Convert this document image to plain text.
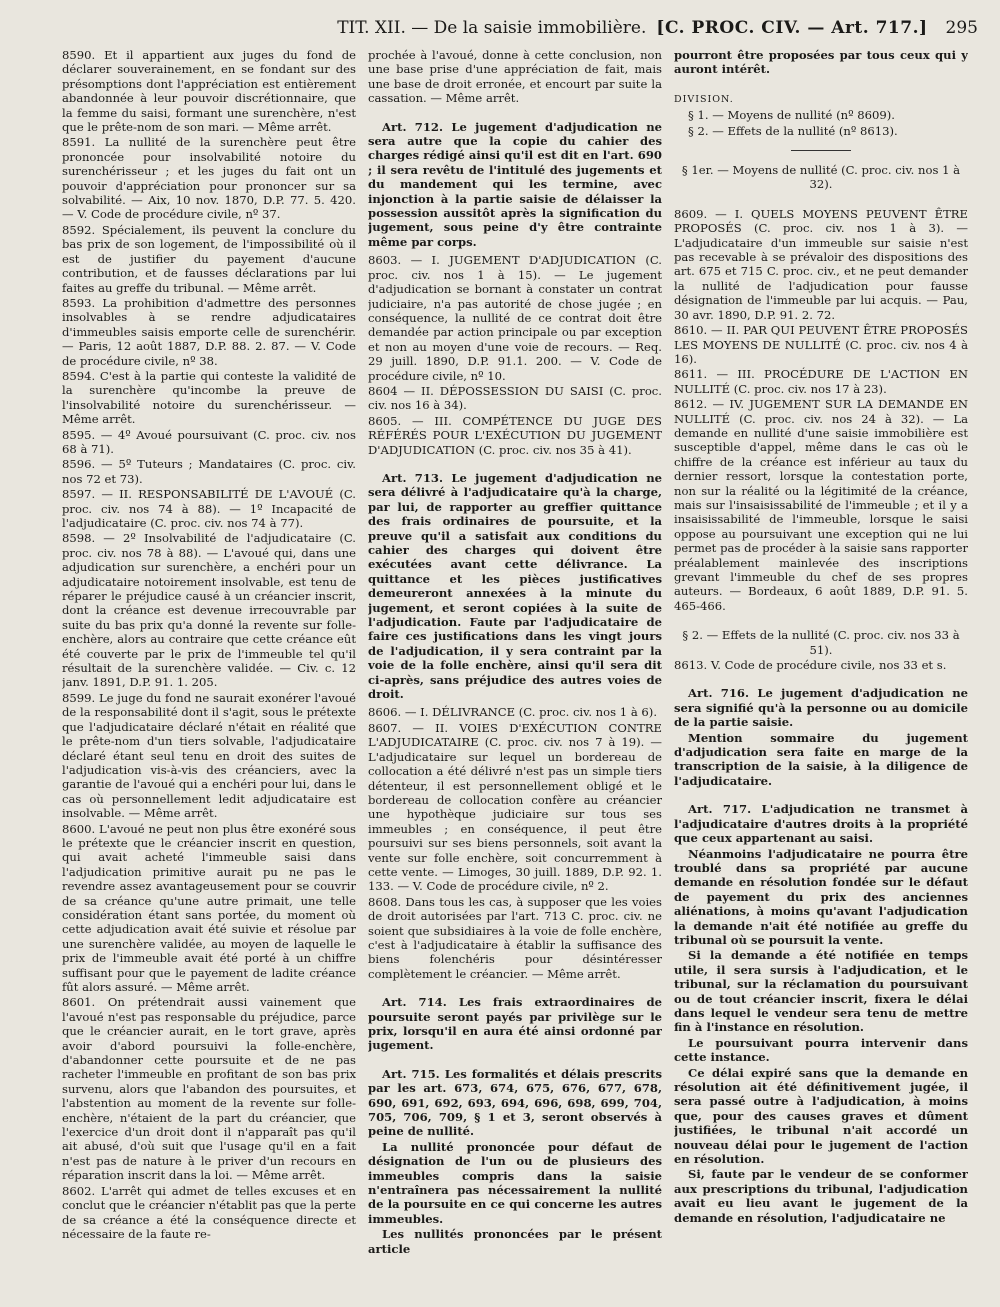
TIT. XII. — De la saisie immobilière. [C. PROC. CIV. — Art. 717.] 295

8590. Et il appartient aux juges du fond de déclarer souverainement, en se fondant sur des présomptions dont l'appréciation est entièrement abandonnée à leur pouvoir discrétionnaire, que la femme du saisi, formant une surenchère, n'est que le prête-nom de son mari. — Même arrêt.

8591. La nullité de la surenchère peut être prononcée pour insolvabilité notoire du surenchérisseur ; et les juges du fait ont un pouvoir d'appréciation pour prononcer sur sa solvabilité. — Aix, 10 nov. 1870, D.P. 77. 5. 420. — V. Code de procédure civile, nº 37.

8592. Spécialement, ils peuvent la conclure du bas prix de son logement, de l'impossibilité où il est de justifier du payement d'aucune contribution, et de fausses déclarations par lui faites au greffe du tribunal. — Même arrêt.

8593. La prohibition d'admettre des personnes insolvables à se rendre adjudicataires d'immeubles saisis emporte celle de surenchérir. — Paris, 12 août 1887, D.P. 88. 2. 87. — V. Code de procédure civile, nº 38.

8594. C'est à la partie qui conteste la validité de la surenchère qu'incombe la preuve de l'insolvabilité notoire du surenchérisseur. — Même arrêt.

8595. — 4º Avoué poursuivant (C. proc. civ. nos 68 à 71).

8596. — 5º Tuteurs ; Mandataires (C. proc. civ. nos 72 et 73).

8597. — II. RESPONSABILITÉ DE L'AVOUÉ (C. proc. civ. nos 74 à 88). — 1º Incapacité de l'adjudicataire (C. proc. civ. nos 74 à 77).

8598. — 2º Insolvabilité de l'adjudicataire (C. proc. civ. nos 78 à 88). — L'avoué qui, dans une adjudication sur surenchère, a enchéri pour un adjudicataire notoirement insolvable, est tenu de réparer le préjudice causé à un créancier inscrit, dont la créance est devenue irrecouvrable par suite du bas prix qu'a donné la revente sur folle-enchère, alors au contraire que cette créance eût été couverte par le prix de l'immeuble tel qu'il résultait de la surenchère validée. — Civ. c. 12 janv. 1891, D.P. 91. 1. 205.

8599. Le juge du fond ne saurait exonérer l'avoué de la responsabilité dont il s'agit, sous le prétexte que l'adjudicataire déclaré n'était en réalité que le prête-nom d'un tiers solvable, l'adjudicataire déclaré étant seul tenu en droit des suites de l'adjudication vis-à-vis des créanciers, avec la garantie de l'avoué qui a enchéri pour lui, dans le cas où personnellement ledit adjudicataire est insolvable. — Même arrêt.

8600. L'avoué ne peut non plus être exonéré sous le prétexte que le créancier inscrit en question, qui avait acheté l'immeuble saisi dans l'adjudication primitive aurait pu ne pas le revendre assez avantageusement pour se couvrir de sa créance qu'une autre primait, une telle considération étant sans portée, du moment où cette adjudication avait été suivie et résolue par une surenchère validée, au moyen de laquelle le prix de l'immeuble avait été porté à un chiffre suffisant pour que le payement de ladite créance fût alors assuré. — Même arrêt.

8601. On prétendrait aussi vainement que l'avoué n'est pas responsable du préjudice, parce que le créancier aurait, en le tort grave, après avoir d'abord poursuivi la folle-enchère, d'abandonner cette poursuite et de ne pas racheter l'immeuble en profitant de son bas prix survenu, alors que l'abandon des poursuites, et l'abstention au moment de la revente sur folle-enchère, n'étaient de la part du créancier, que l'exercice d'un droit dont il n'apparaît pas qu'il ait abusé, d'où suit que l'usage qu'il en a fait n'est pas de nature à le priver d'un recours en réparation inscrit dans la loi. — Même arrêt.

8602. L'arrêt qui admet de telles excuses et en conclut que le créancier n'établit pas que la perte de sa créance a été la conséquence directe et nécessaire de la faute re-

prochée à l'avoué, donne à cette conclusion, non une base prise d'une appréciation de fait, mais une base de droit erronée, et encourt par suite la cassation. — Même arrêt.

Art. 712. Le jugement d'adjudication ne sera autre que la copie du cahier des charges rédigé ainsi qu'il est dit en l'art. 690 ; il sera revêtu de l'intitulé des jugements et du mandement qui les termine, avec injonction à la partie saisie de délaisser la possession aussitôt après la signification du jugement, sous peine d'y être contrainte même par corps.

8603. — I. JUGEMENT D'ADJUDICATION (C. proc. civ. nos 1 à 15). — Le jugement d'adjudication se bornant à constater un contrat judiciaire, n'a pas autorité de chose jugée ; en conséquence, la nullité de ce contrat doit être demandée par action principale ou par exception et non au moyen d'une voie de recours. — Req. 29 juill. 1890, D.P. 91.1. 200. — V. Code de procédure civile, nº 10.

8604 — II. DÉPOSSESSION DU SAISI (C. proc. civ. nos 16 à 34).

8605. — III. COMPÉTENCE DU JUGE DES RÉFÉRÉS POUR L'EXÉCUTION DU JUGEMENT D'ADJUDICATION (C. proc. civ. nos 35 à 41).

Art. 713. Le jugement d'adjudication ne sera délivré à l'adjudicataire qu'à la charge, par lui, de rapporter au greffier quittance des frais ordinaires de poursuite, et la preuve qu'il a satisfait aux conditions du cahier des charges qui doivent être exécutées avant cette délivrance. La quittance et les pièces justificatives demeureront annexées à la minute du jugement, et seront copiées à la suite de l'adjudication. Faute par l'adjudicataire de faire ces justifications dans les vingt jours de l'adjudication, il y sera contraint par la voie de la folle enchère, ainsi qu'il sera dit ci-après, sans préjudice des autres voies de droit.

8606. — I. DÉLIVRANCE (C. proc. civ. nos 1 à 6).

8607. — II. VOIES D'EXÉCUTION CONTRE L'ADJUDICATAIRE (C. proc. civ. nos 7 à 19). — L'adjudicataire sur lequel un bordereau de collocation a été délivré n'est pas un simple tiers détenteur, il est personnellement obligé et le bordereau de collocation confère au créancier une hypothèque judiciaire sur tous ses immeubles ; en conséquence, il peut être poursuivi sur ses biens personnels, soit avant la vente sur folle enchère, soit concurremment à cette vente. — Limoges, 30 juill. 1889, D.P. 92. 1. 133. — V. Code de procédure civile, nº 2.

8608. Dans tous les cas, à supposer que les voies de droit autorisées par l'art. 713 C. proc. civ. ne soient que subsidiaires à la voie de folle enchère, c'est à l'adjudicataire à établir la suffisance des biens folenchéris pour désintéresser complètement le créancier. — Même arrêt.

Art. 714. Les frais extraordinaires de poursuite seront payés par privilège sur le prix, lorsqu'il en aura été ainsi ordonné par jugement.

Art. 715. Les formalités et délais prescrits par les art. 673, 674, 675, 676, 677, 678, 690, 691, 692, 693, 694, 696, 698, 699, 704, 705, 706, 709, § 1 et 3, seront observés à peine de nullité.

La nullité prononcée pour défaut de désignation de l'un ou de plusieurs des immeubles compris dans la saisie n'entraînera pas nécessairement la nullité de la poursuite en ce qui concerne les autres immeubles.

Les nullités prononcées par le présent article

pourront être proposées par tous ceux qui y auront intérêt.

DIVISION.

§ 1. — Moyens de nullité (nº 8609).

§ 2. — Effets de la nullité (nº 8613).

§ 1er. — Moyens de nullité (C. proc. civ. nos 1 à 32).

8609. — I. QUELS MOYENS PEUVENT ÊTRE PROPOSÉS (C. proc. civ. nos 1 à 3). — L'adjudicataire d'un immeuble sur saisie n'est pas recevable à se prévaloir des dispositions des art. 675 et 715 C. proc. civ., et ne peut demander la nullité de l'adjudication pour fausse désignation de l'immeuble par lui acquis. — Pau, 30 avr. 1890, D.P. 91. 2. 72.

8610. — II. PAR QUI PEUVENT ÊTRE PROPOSÉS LES MOYENS DE NULLITÉ (C. proc. civ. nos 4 à 16).

8611. — III. PROCÉDURE DE L'ACTION EN NULLITÉ (C. proc. civ. nos 17 à 23).

8612. — IV. JUGEMENT SUR LA DEMANDE EN NULLITÉ (C. proc. civ. nos 24 à 32). — La demande en nullité d'une saisie immobilière est susceptible d'appel, même dans le cas où le chiffre de la créance est inférieur au taux du dernier ressort, lorsque la contestation porte, non sur la réalité ou la légitimité de la créance, mais sur l'insaisissabilité de l'immeuble ; et il y a insaisissabilité de l'immeuble, lorsque le saisi oppose au poursuivant une exception qui ne lui permet pas de procéder à la saisie sans rapporter préalablement mainlevée des inscriptions grevant l'immeuble du chef de ses propres auteurs. — Bordeaux, 6 août 1889, D.P. 91. 5. 465-466.

§ 2. — Effets de la nullité (C. proc. civ. nos 33 à 51).

8613. V. Code de procédure civile, nos 33 et s.

Art. 716. Le jugement d'adjudication ne sera signifié qu'à la personne ou au domicile de la partie saisie.

Mention sommaire du jugement d'adjudication sera faite en marge de la transcription de la saisie, à la diligence de l'adjudicataire.

Art. 717. L'adjudication ne transmet à l'adjudicataire d'autres droits à la propriété que ceux appartenant au saisi.

Néanmoins l'adjudicataire ne pourra être troublé dans sa propriété par aucune demande en résolution fondée sur le défaut de payement du prix des anciennes aliénations, à moins qu'avant l'adjudication la demande n'ait été notifiée au greffe du tribunal où se poursuit la vente.

Si la demande a été notifiée en temps utile, il sera sursis à l'adjudication, et le tribunal, sur la réclamation du poursuivant ou de tout créancier inscrit, fixera le délai dans lequel le vendeur sera tenu de mettre fin à l'instance en résolution.

Le poursuivant pourra intervenir dans cette instance.

Ce délai expiré sans que la demande en résolution ait été définitivement jugée, il sera passé outre à l'adjudication, à moins que, pour des causes graves et dûment justifiées, le tribunal n'ait accordé un nouveau délai pour le jugement de l'action en résolution.

Si, faute par le vendeur de se conformer aux prescriptions du tribunal, l'adjudication avait eu lieu avant le jugement de la demande en résolution, l'adjudicataire ne
